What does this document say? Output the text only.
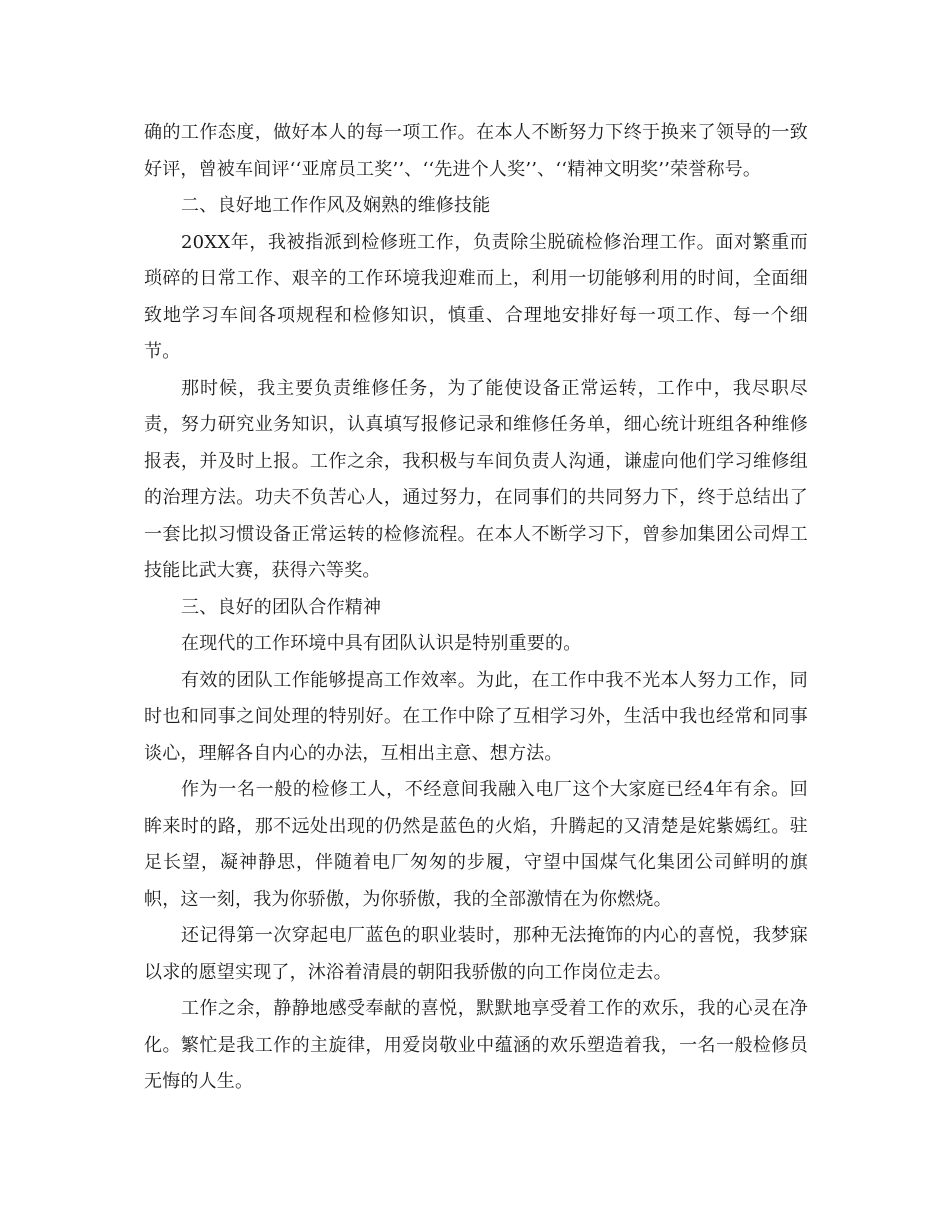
确的工作态度，做好本人的每一项工作。在本人不断努力下终于换来了领导的一致好评，曾被车间评‘‘亚席员工奖’’、‘‘先进个人奖’’、‘‘精神文明奖’’荣誉称号。

二、良好地工作作风及娴熟的维修技能

20XX年，我被指派到检修班工作，负责除尘脱硫检修治理工作。面对繁重而琐碎的日常工作、艰辛的工作环境我迎难而上，利用一切能够利用的时间，全面细致地学习车间各项规程和检修知识，慎重、合理地安排好每一项工作、每一个细节。

那时候，我主要负责维修任务，为了能使设备正常运转，工作中，我尽职尽责，努力研究业务知识，认真填写报修记录和维修任务单，细心统计班组各种维修报表，并及时上报。工作之余，我积极与车间负责人沟通，谦虚向他们学习维修组的治理方法。功夫不负苦心人，通过努力，在同事们的共同努力下，终于总结出了一套比拟习惯设备正常运转的检修流程。在本人不断学习下，曾参加集团公司焊工技能比武大赛，获得六等奖。

三、良好的团队合作精神

在现代的工作环境中具有团队认识是特别重要的。

有效的团队工作能够提高工作效率。为此，在工作中我不光本人努力工作，同时也和同事之间处理的特别好。在工作中除了互相学习外，生活中我也经常和同事谈心，理解各自内心的办法，互相出主意、想方法。

作为一名一般的检修工人，不经意间我融入电厂这个大家庭已经4年有余。回眸来时的路，那不远处出现的仍然是蓝色的火焰，升腾起的又清楚是姹紫嫣红。驻足长望，凝神静思，伴随着电厂匆匆的步履，守望中国煤气化集团公司鲜明的旗帜，这一刻，我为你骄傲，为你骄傲，我的全部激情在为你燃烧。

还记得第一次穿起电厂蓝色的职业装时，那种无法掩饰的内心的喜悦，我梦寐以求的愿望实现了，沐浴着清晨的朝阳我骄傲的向工作岗位走去。

工作之余，静静地感受奉献的喜悦，默默地享受着工作的欢乐，我的心灵在净化。繁忙是我工作的主旋律，用爱岗敬业中蕴涵的欢乐塑造着我，一名一般检修员无悔的人生。
